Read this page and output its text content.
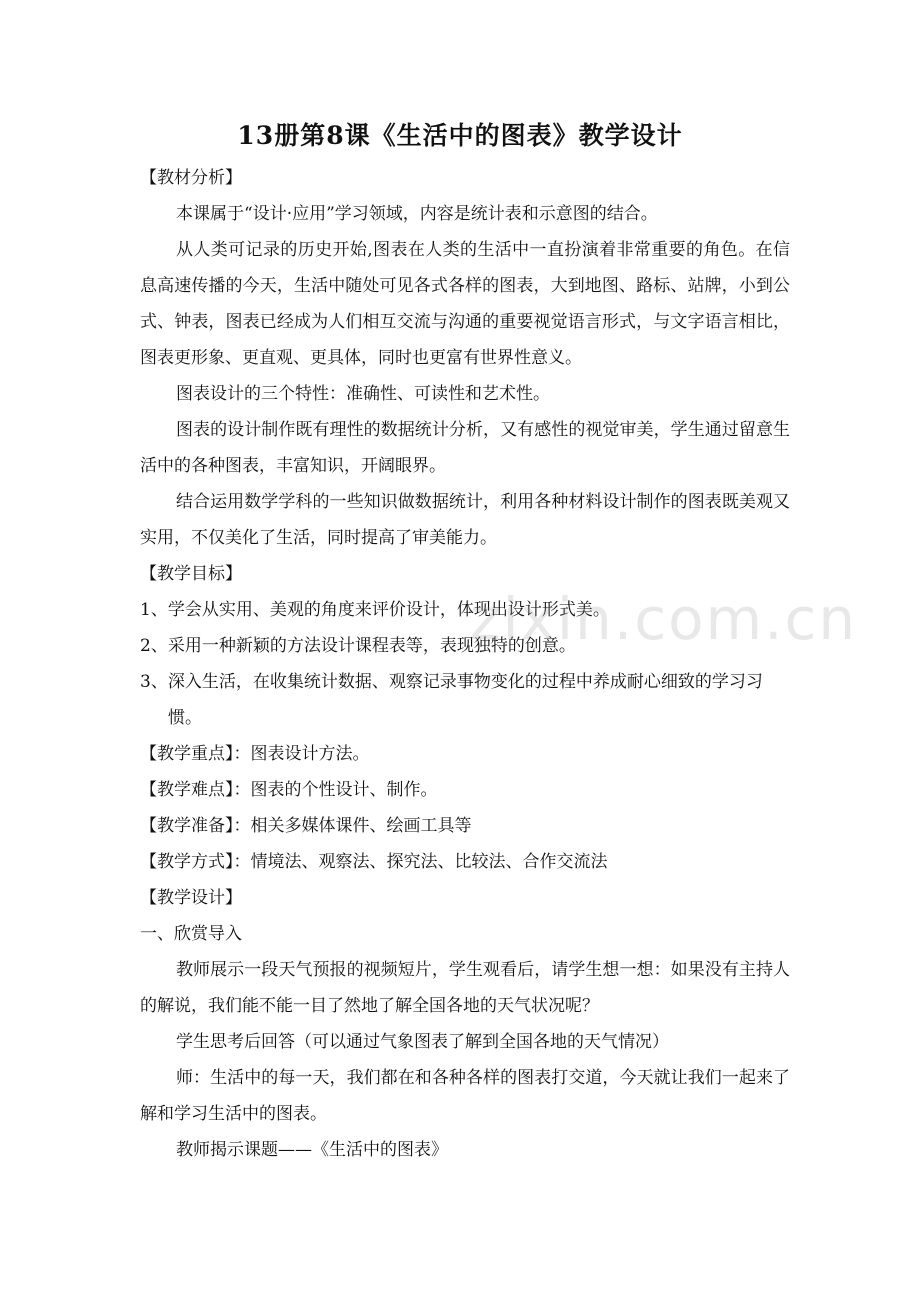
13册第8课《生活中的图表》教学设计

【教材分析】

本课属于“设计·应用”学习领域，内容是统计表和示意图的结合。

从人类可记录的历史开始,图表在人类的生活中一直扮演着非常重要的角色。在信息高速传播的今天，生活中随处可见各式各样的图表，大到地图、路标、站牌，小到公式、钟表，图表已经成为人们相互交流与沟通的重要视觉语言形式，与文字语言相比，图表更形象、更直观、更具体，同时也更富有世界性意义。

图表设计的三个特性：准确性、可读性和艺术性。

图表的设计制作既有理性的数据统计分析，又有感性的视觉审美，学生通过留意生活中的各种图表，丰富知识，开阔眼界。

结合运用数学学科的一些知识做数据统计，利用各种材料设计制作的图表既美观又实用，不仅美化了生活，同时提高了审美能力。

【教学目标】

1、学会从实用、美观的角度来评价设计，体现出设计形式美。

2、采用一种新颖的方法设计课程表等，表现独特的创意。

3、深入生活，在收集统计数据、观察记录事物变化的过程中养成耐心细致的学习习惯。

【教学重点】：图表设计方法。

【教学难点】：图表的个性设计、制作。

【教学准备】：相关多媒体课件、绘画工具等

【教学方式】：情境法、观察法、探究法、比较法、合作交流法

【教学设计】

一、欣赏导入

教师展示一段天气预报的视频短片，学生观看后，请学生想一想：如果没有主持人的解说，我们能不能一目了然地了解全国各地的天气状况呢？

学生思考后回答（可以通过气象图表了解到全国各地的天气情况）

师：生活中的每一天，我们都在和各种各样的图表打交道，今天就让我们一起来了解和学习生活中的图表。

教师揭示课题——《生活中的图表》

zixin.com.cn
